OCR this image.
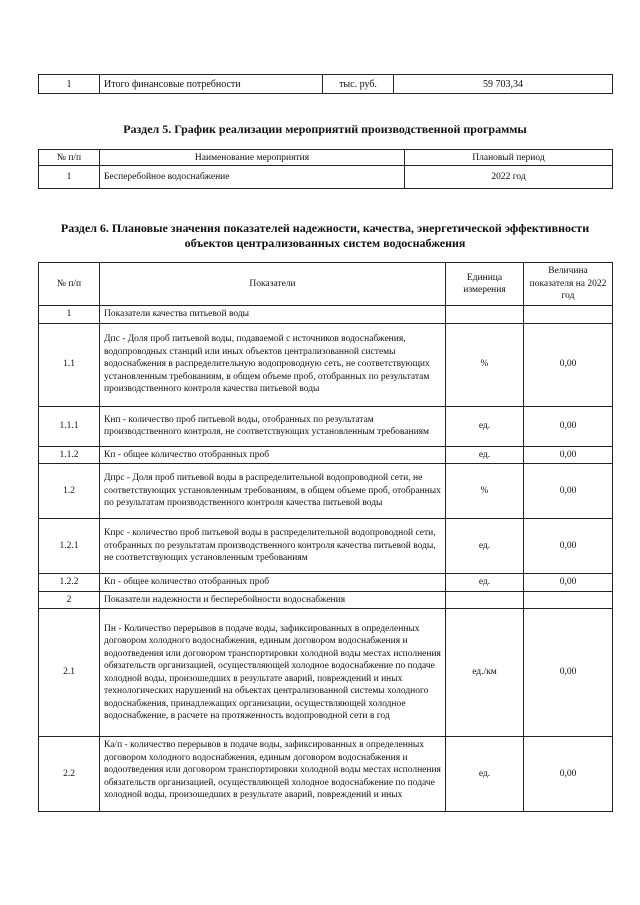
1	Итого финансовые потребности	тыс. руб.	59 703,34
Раздел 5. График реализации мероприятий производственной программы
№ п/п	Наименование мероприятия	Плановый период
1	Бесперебойное водоснабжение	2022 год
Раздел 6. Плановые значения показателей надежности, качества, энергетической эффективности
объектов централизованных систем водоснабжения
№ п/п	Показатели	Единица измерения	Величина показателя на 2022 год
1	Показатели качества питьевой воды		
1.1	Дпс - Доля проб питьевой воды, подаваемой с источников водоснабжения, водопроводных станций или иных объектов централизованной системы водоснабжения в распределительную водопроводную сеть, не соответствующих установленным требованиям, в общем объеме проб, отобранных по результатам производственного контроля качества питьевой воды	%	0,00
1.1.1	Кнп - количество проб питьевой воды, отобранных по результатам производственного контроля, не соответствующих установленным требованиям	ед.	0,00
1.1.2	Кп - общее количество отобранных проб	ед.	0,00
1.2	Дпрс - Доля проб питьевой воды в распределительной водопроводной сети, не соответствующих установленным требованиям, в общем объеме проб, отобранных по результатам производственного контроля качества питьевой воды	%	0,00
1.2.1	Кпрс - количество проб питьевой воды в распределительной водопроводной сети, отобранных по результатам производственного контроля качества питьевой воды, не соответствующих установленным требованиям	ед.	0,00
1.2.2	Кп - общее количество отобранных проб	ед.	0,00
2	Показатели надежности и бесперебойности водоснабжения		
2.1	Пн - Количество перерывов в подаче воды, зафиксированных в определенных договором холодного водоснабжения, единым договором водоснабжения и водоотведения или договором транспортировки холодной воды местах исполнения обязательств организацией, осуществляющей холодное водоснабжение по подаче холодной воды, произошедших в результате аварий, повреждений и иных технологических нарушений на объектах централизованной системы холодного водоснабжения, принадлежащих организации, осуществляющей холодное водоснабжение, в расчете на протяженность водопроводной сети в год	ед./км	0,00
2.2	Ка/п - количество перерывов в подаче воды, зафиксированных в определенных договором холодного водоснабжения, единым договором водоснабжения и водоотведения или договором транспортировки холодной воды местах исполнения обязательств организацией, осуществляющей холодное водоснабжение по подаче холодной воды, произошедших в результате аварий, повреждений и иных	ед.	0,00
